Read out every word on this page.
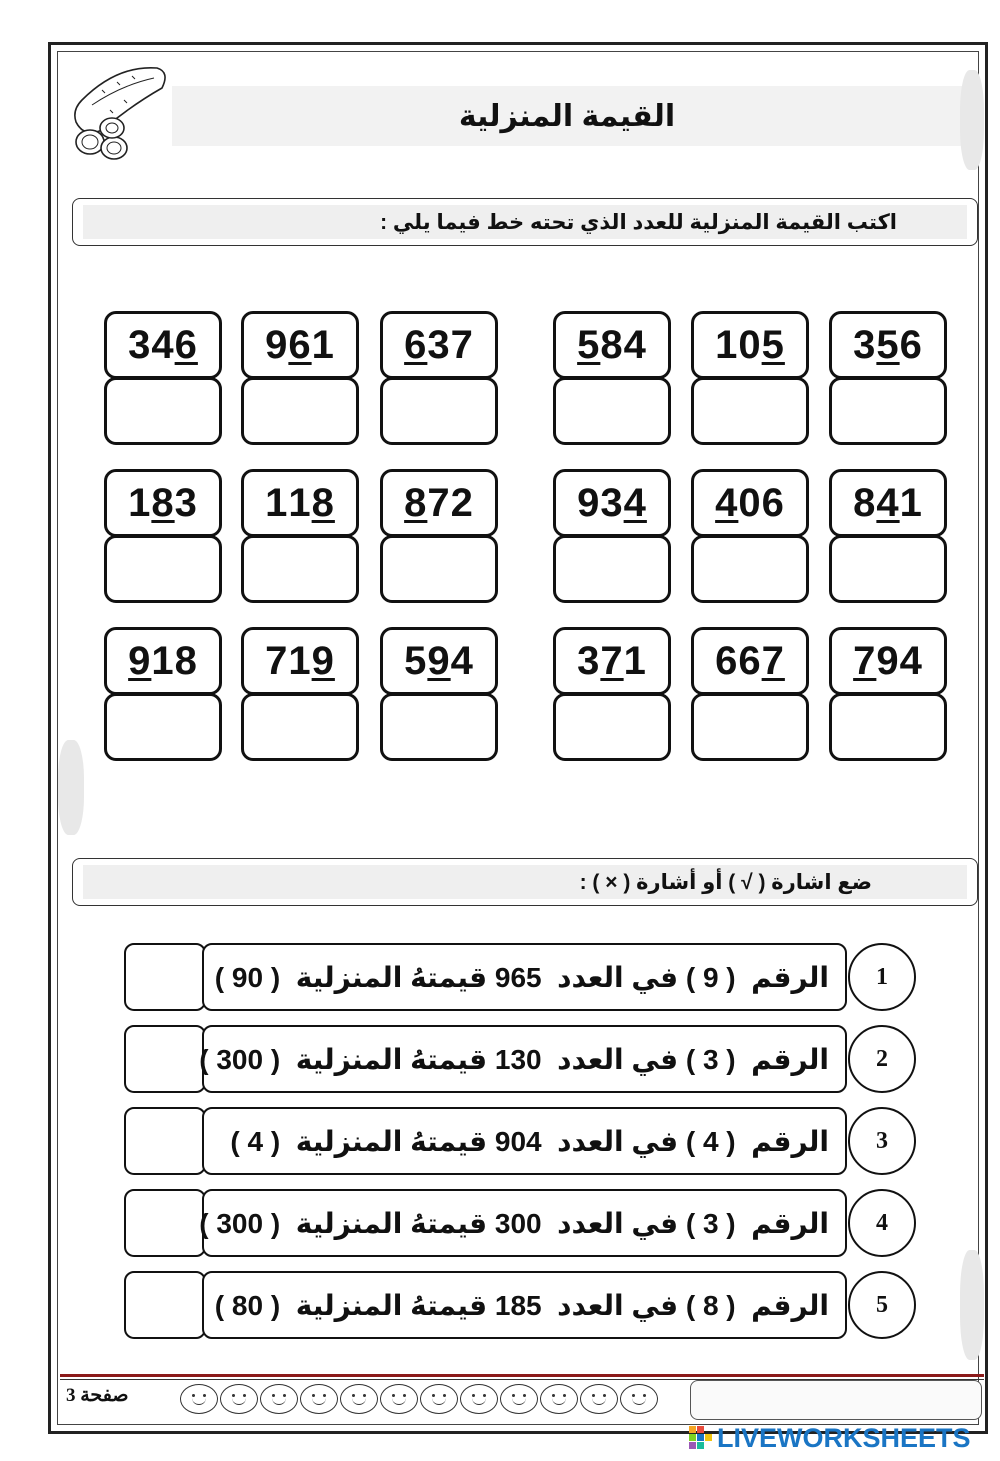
القيمة المنزلية
اكتب القيمة المنزلية للعدد الذي تحته خط فيما يلي :
3 5 6
1 0 5
5 8 4
6 3 7
9 6 1
3 4 6
8 4 1
4 0 6
9 3 4
8 7 2
1 1 8
1 8 3
7 9 4
6 6 7
3 7 1
5 9 4
7 1 9
9 1 8
ضع اشارة ( √ ) أو أشارة ( × ) :
الرقم  ( 9 ) في العدد  965 قيمتهُ المنزلية  ( 90 )	1
الرقم  ( 3 ) في العدد  130 قيمتهُ المنزلية  ( 300 )	2
الرقم  ( 4 ) في العدد  904 قيمتهُ المنزلية  ( 4 )	3
الرقم  ( 3 ) في العدد  300 قيمتهُ المنزلية  ( 300 )	4
الرقم  ( 8 ) في العدد  185 قيمتهُ المنزلية  ( 80 )	5
صفحة 3
LIVEWORKSHEETS
